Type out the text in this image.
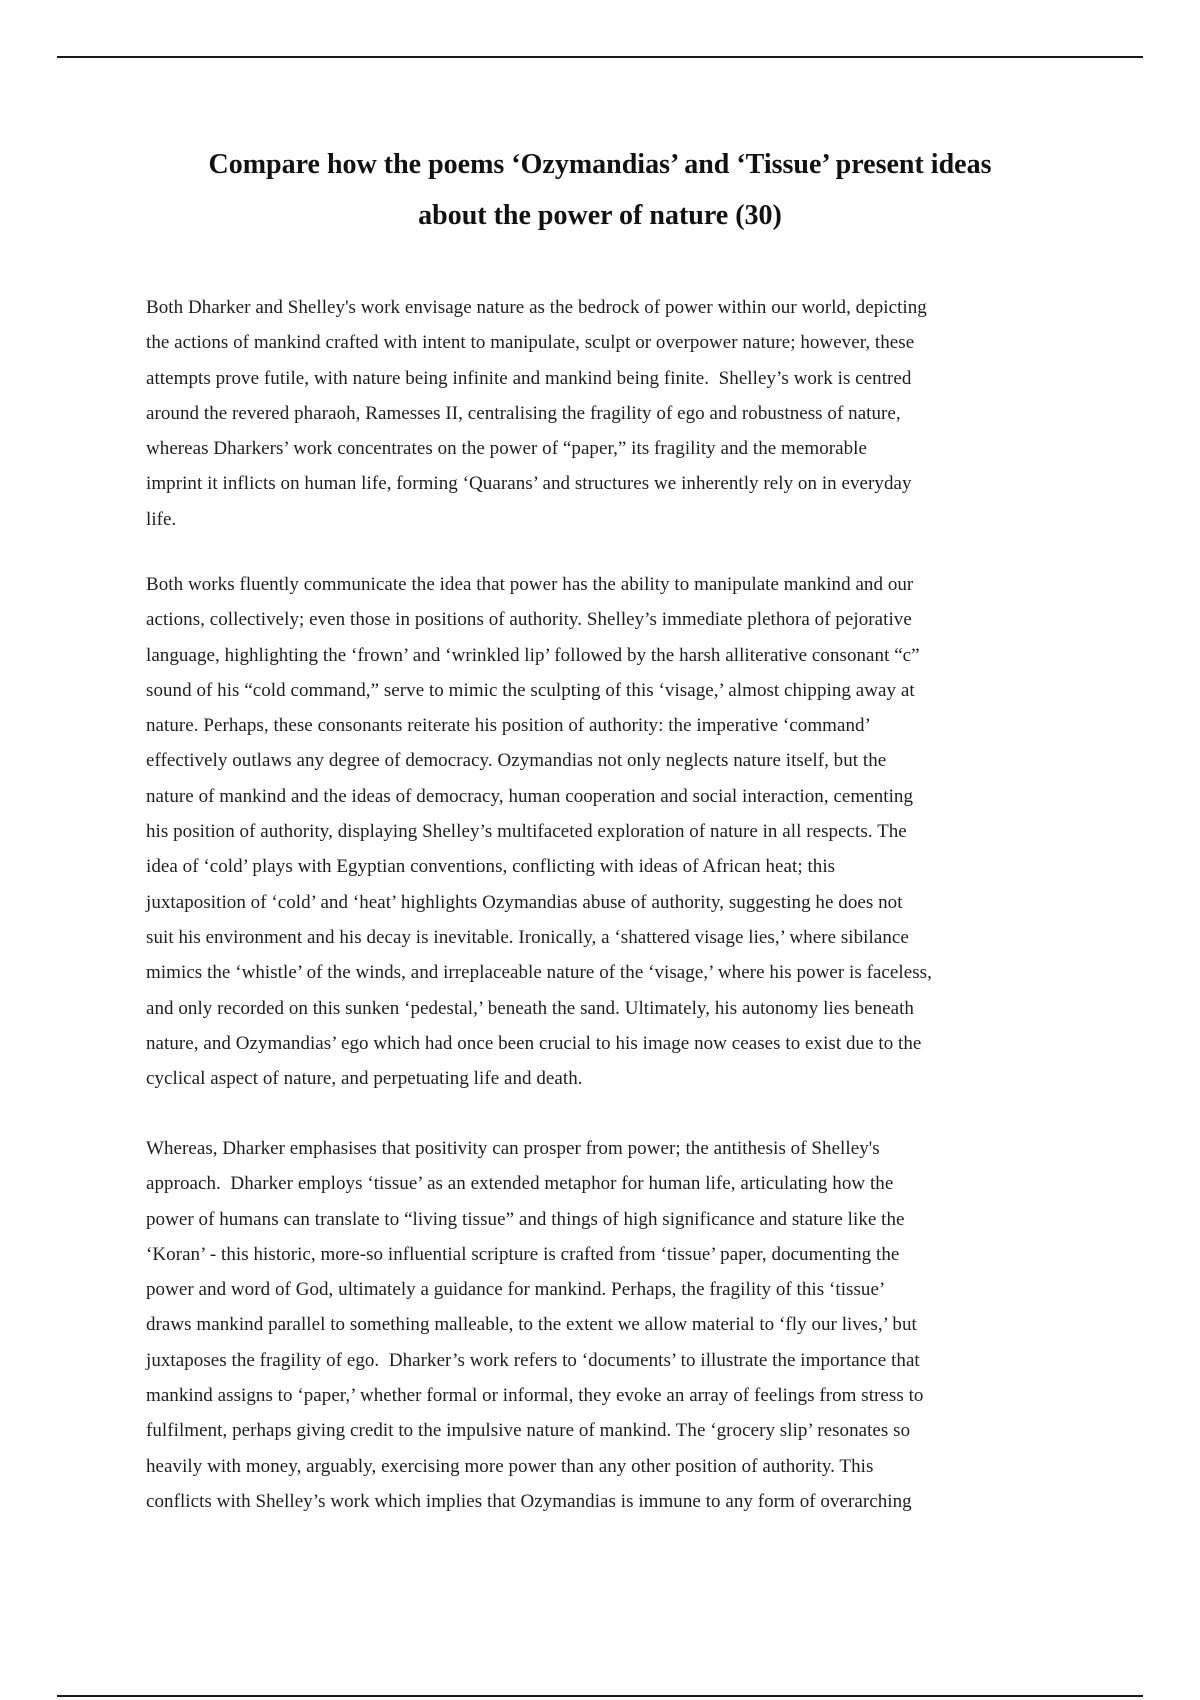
Compare how the poems ‘Ozymandias’ and ‘Tissue’ present ideas
about the power of nature (30)
Both Dharker and Shelley's work envisage nature as the bedrock of power within our world, depicting
the actions of mankind crafted with intent to manipulate, sculpt or overpower nature; however, these
attempts prove futile, with nature being infinite and mankind being finite.  Shelley’s work is centred
around the revered pharaoh, Ramesses II, centralising the fragility of ego and robustness of nature,
whereas Dharkers’ work concentrates on the power of “paper,” its fragility and the memorable
imprint it inflicts on human life, forming ‘Quarans’ and structures we inherently rely on in everyday
life.
Both works fluently communicate the idea that power has the ability to manipulate mankind and our
actions, collectively; even those in positions of authority. Shelley’s immediate plethora of pejorative
language, highlighting the ‘frown’ and ‘wrinkled lip’ followed by the harsh alliterative consonant “c”
sound of his “cold command,” serve to mimic the sculpting of this ‘visage,’ almost chipping away at
nature. Perhaps, these consonants reiterate his position of authority: the imperative ‘command’
effectively outlaws any degree of democracy. Ozymandias not only neglects nature itself, but the
nature of mankind and the ideas of democracy, human cooperation and social interaction, cementing
his position of authority, displaying Shelley’s multifaceted exploration of nature in all respects. The
idea of ‘cold’ plays with Egyptian conventions, conflicting with ideas of African heat; this
juxtaposition of ‘cold’ and ‘heat’ highlights Ozymandias abuse of authority, suggesting he does not
suit his environment and his decay is inevitable. Ironically, a ‘shattered visage lies,’ where sibilance
mimics the ‘whistle’ of the winds, and irreplaceable nature of the ‘visage,’ where his power is faceless,
and only recorded on this sunken ‘pedestal,’ beneath the sand. Ultimately, his autonomy lies beneath
nature, and Ozymandias’ ego which had once been crucial to his image now ceases to exist due to the
cyclical aspect of nature, and perpetuating life and death.
Whereas, Dharker emphasises that positivity can prosper from power; the antithesis of Shelley's
approach.  Dharker employs ‘tissue’ as an extended metaphor for human life, articulating how the
power of humans can translate to “living tissue” and things of high significance and stature like the
‘Koran’ - this historic, more-so influential scripture is crafted from ‘tissue’ paper, documenting the
power and word of God, ultimately a guidance for mankind. Perhaps, the fragility of this ‘tissue’
draws mankind parallel to something malleable, to the extent we allow material to ‘fly our lives,’ but
juxtaposes the fragility of ego.  Dharker’s work refers to ‘documents’ to illustrate the importance that
mankind assigns to ‘paper,’ whether formal or informal, they evoke an array of feelings from stress to
fulfilment, perhaps giving credit to the impulsive nature of mankind. The ‘grocery slip’ resonates so
heavily with money, arguably, exercising more power than any other position of authority. This
conflicts with Shelley’s work which implies that Ozymandias is immune to any form of overarching
